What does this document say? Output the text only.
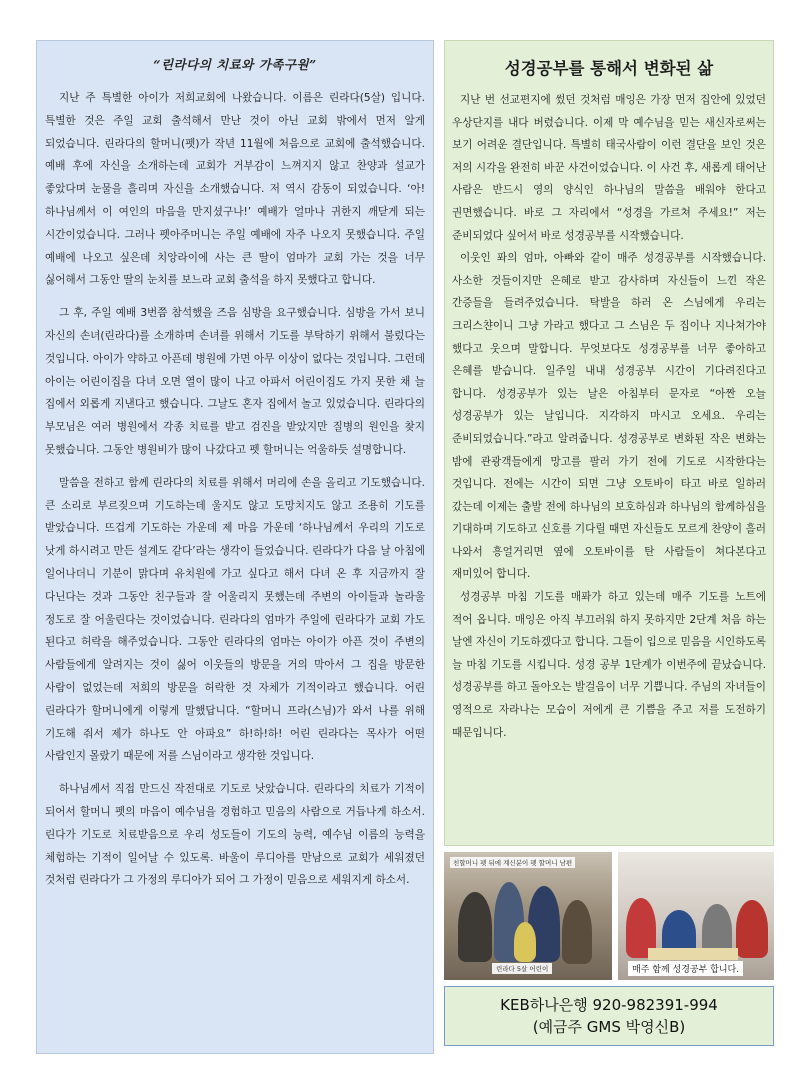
“린라다의 치료와 가족구원”

지난 주 특별한 아이가 저희교회에 나왔습니다. 이름은 린라다(5살) 입니다. 특별한 것은 주일 교회 출석해서 만난 것이 아닌 교회 밖에서 먼저 알게 되었습니다. 린라다의 할머니(펫)가 작년 11월에 처음으로 교회에 출석했습니다. 예배 후에 자신을 소개하는데 교회가 거부감이 느껴지지 않고 찬양과 설교가 좋았다며 눈물을 흘리며 자신을 소개했습니다. 저 역시 감동이 되었습니다. ‘아! 하나님께서 이 여인의 마음을 만지셨구나!’ 예배가 얼마나 귀한지 깨닫게 되는 시간이었습니다. 그러나 펫아주머니는 주일 예배에 자주 나오지 못했습니다. 주일 예배에 나오고 싶은데 치앙라이에 사는 큰 딸이 엄마가 교회 가는 것을 너무 싫어해서 그동안 딸의 눈치를 보느라 교회 출석을 하지 못했다고 합니다.

그 후, 주일 예배 3번쯤 참석했을 즈음 심방을 요구했습니다. 심방을 가서 보니 자신의 손녀(린라다)를 소개하며 손녀를 위해서 기도를 부탁하기 위해서 불렀다는 것입니다. 아이가 약하고 아픈데 병원에 가면 아무 이상이 없다는 것입니다. 그런데 아이는 어린이집을 다녀 오면 열이 많이 나고 아파서 어린이집도 가지 못한 채 늘 집에서 외롭게 지낸다고 했습니다. 그날도 혼자 집에서 놀고 있었습니다. 린라다의 부모님은 여러 병원에서 각종 치료를 받고 검진을 받았지만 질병의 원인을 찾지 못했습니다. 그동안 병원비가 많이 나갔다고 펫 할머니는 억울하듯 설명합니다.

말씀을 전하고 함께 린라다의 치료를 위해서 머리에 손을 올리고 기도했습니다. 큰 소리로 부르짖으며 기도하는데 울지도 않고 도망치지도 않고 조용히 기도를 받았습니다. 뜨겁게 기도하는 가운데 제 마음 가운데 ‘하나님께서 우리의 기도로 낫게 하시려고 만든 설계도 같다’라는 생각이 들었습니다. 린라다가 다음 날 아침에 일어나더니 기분이 맑다며 유치원에 가고 싶다고 해서 다녀 온 후 지금까지 잘 다닌다는 것과 그동안 친구들과 잘 어울리지 못했는데 주변의 아이들과 놀라울 정도로 잘 어울린다는 것이었습니다. 린라다의 엄마가 주일에 린라다가 교회 가도 된다고 허락을 해주었습니다. 그동안 린라다의 엄마는 아이가 아픈 것이 주변의 사람들에게 알려지는 것이 싫어 이웃들의 방문을 거의 막아서 그 집을 방문한 사람이 없었는데 저희의 방문을 허락한 것 자체가 기적이라고 했습니다. 어린 린라다가 할머니에게 이렇게 말했답니다. “할머니 프라(스님)가 와서 나를 위해 기도해 줘서 제가 하나도 안 아파요” 하!하!하! 어린 린라다는 목사가 어떤 사람인지 몰랐기 때문에 저를 스님이라고 생각한 것입니다.

하나님께서 직접 만드신 작전대로 기도로 낫았습니다. 린라다의 치료가 기적이 되어서 할머니 펫의 마음이 예수님을 경험하고 믿음의 사람으로 거듭나게 하소서. 린다가 기도로 치료받음으로 우리 성도들이 기도의 능력, 예수님 이름의 능력을 체험하는 기적이 일어날 수 있도록. 바울이 루디아를 만남으로 교회가 세워졌던 것처럼 린라다가 그 가정의 루디아가 되어 그 가정이 믿음으로 세워지게 하소서.

성경공부를 통해서 변화된 삶

지난 번 선교편지에 썼던 것처럼 매잉은 가장 먼저 집안에 있었던 우상단지를 내다 버렸습니다. 이제 막 예수님을 믿는 새신자로써는 보기 어려운 결단입니다. 특별히 태국사람이 이런 결단을 보인 것은 저의 시각을 완전히 바꾼 사건이었습니다. 이 사건 후, 새롭게 태어난 사람은 반드시 영의 양식인 하나님의 말씀을 배워야 한다고 권면했습니다. 바로 그 자리에서 “성경을 가르쳐 주세요!” 저는 준비되었다 싶어서 바로 성경공부를 시작했습니다.

이웃인 퐈의 엄마, 아빠와 같이 매주 성경공부를 시작했습니다. 사소한 것들이지만 은혜로 받고 감사하며 자신들이 느낀 작은 간증들을 들려주었습니다. 탁발을 하러 온 스님에게 우리는 크리스챤이니 그냥 가라고 했다고 그 스님은 두 집이나 지나쳐가야 했다고 웃으며 말합니다. 무엇보다도 성경공부를 너무 좋아하고 은혜를 받습니다. 일주일 내내 성경공부 시간이 기다려진다고 합니다. 성경공부가 있는 날은 아침부터 문자로 “아짠 오늘 성경공부가 있는 날입니다. 지각하지 마시고 오세요. 우리는 준비되었습니다.”라고 알려줍니다. 성경공부로 변화된 작은 변화는 밤에 관광객들에게 망고를 팔러 가기 전에 기도로 시작한다는 것입니다. 전에는 시간이 되면 그냥 오토바이 타고 바로 일하러 갔는데 이제는 출발 전에 하나님의 보호하심과 하나님의 함께하심을 기대하며 기도하고 신호를 기다릴 때면 자신들도 모르게 찬양이 흘러 나와서 흥얼거리면 옆에 오토바이를 탄 사람들이 쳐다본다고 재미있어 합니다.

성경공부 마침 기도를 매퐈가 하고 있는데 매주 기도를 노트에 적어 옵니다. 매잉은 아직 부끄러워 하지 못하지만 2단계 처음 하는 날엔 자신이 기도하겠다고 합니다. 그들이 입으로 믿음을 시인하도록 늘 마침 기도를 시킵니다. 성경 공부 1단계가 이번주에 끝났습니다. 성경공부를 하고 돌아오는 발걸음이 너무 기쁩니다. 주님의 자녀들이 영적으로 자라나는 모습이 저에게 큰 기쁨을 주고 저를 도전하기 때문입니다.

친할머니 펫 뒤에 계신분이 펫 할머니 남편
린라다 5살 어린이	매주 함께 성경공부 합니다.
KEB하나은행 920-982391-994
(예금주 GMS 박영신B)
